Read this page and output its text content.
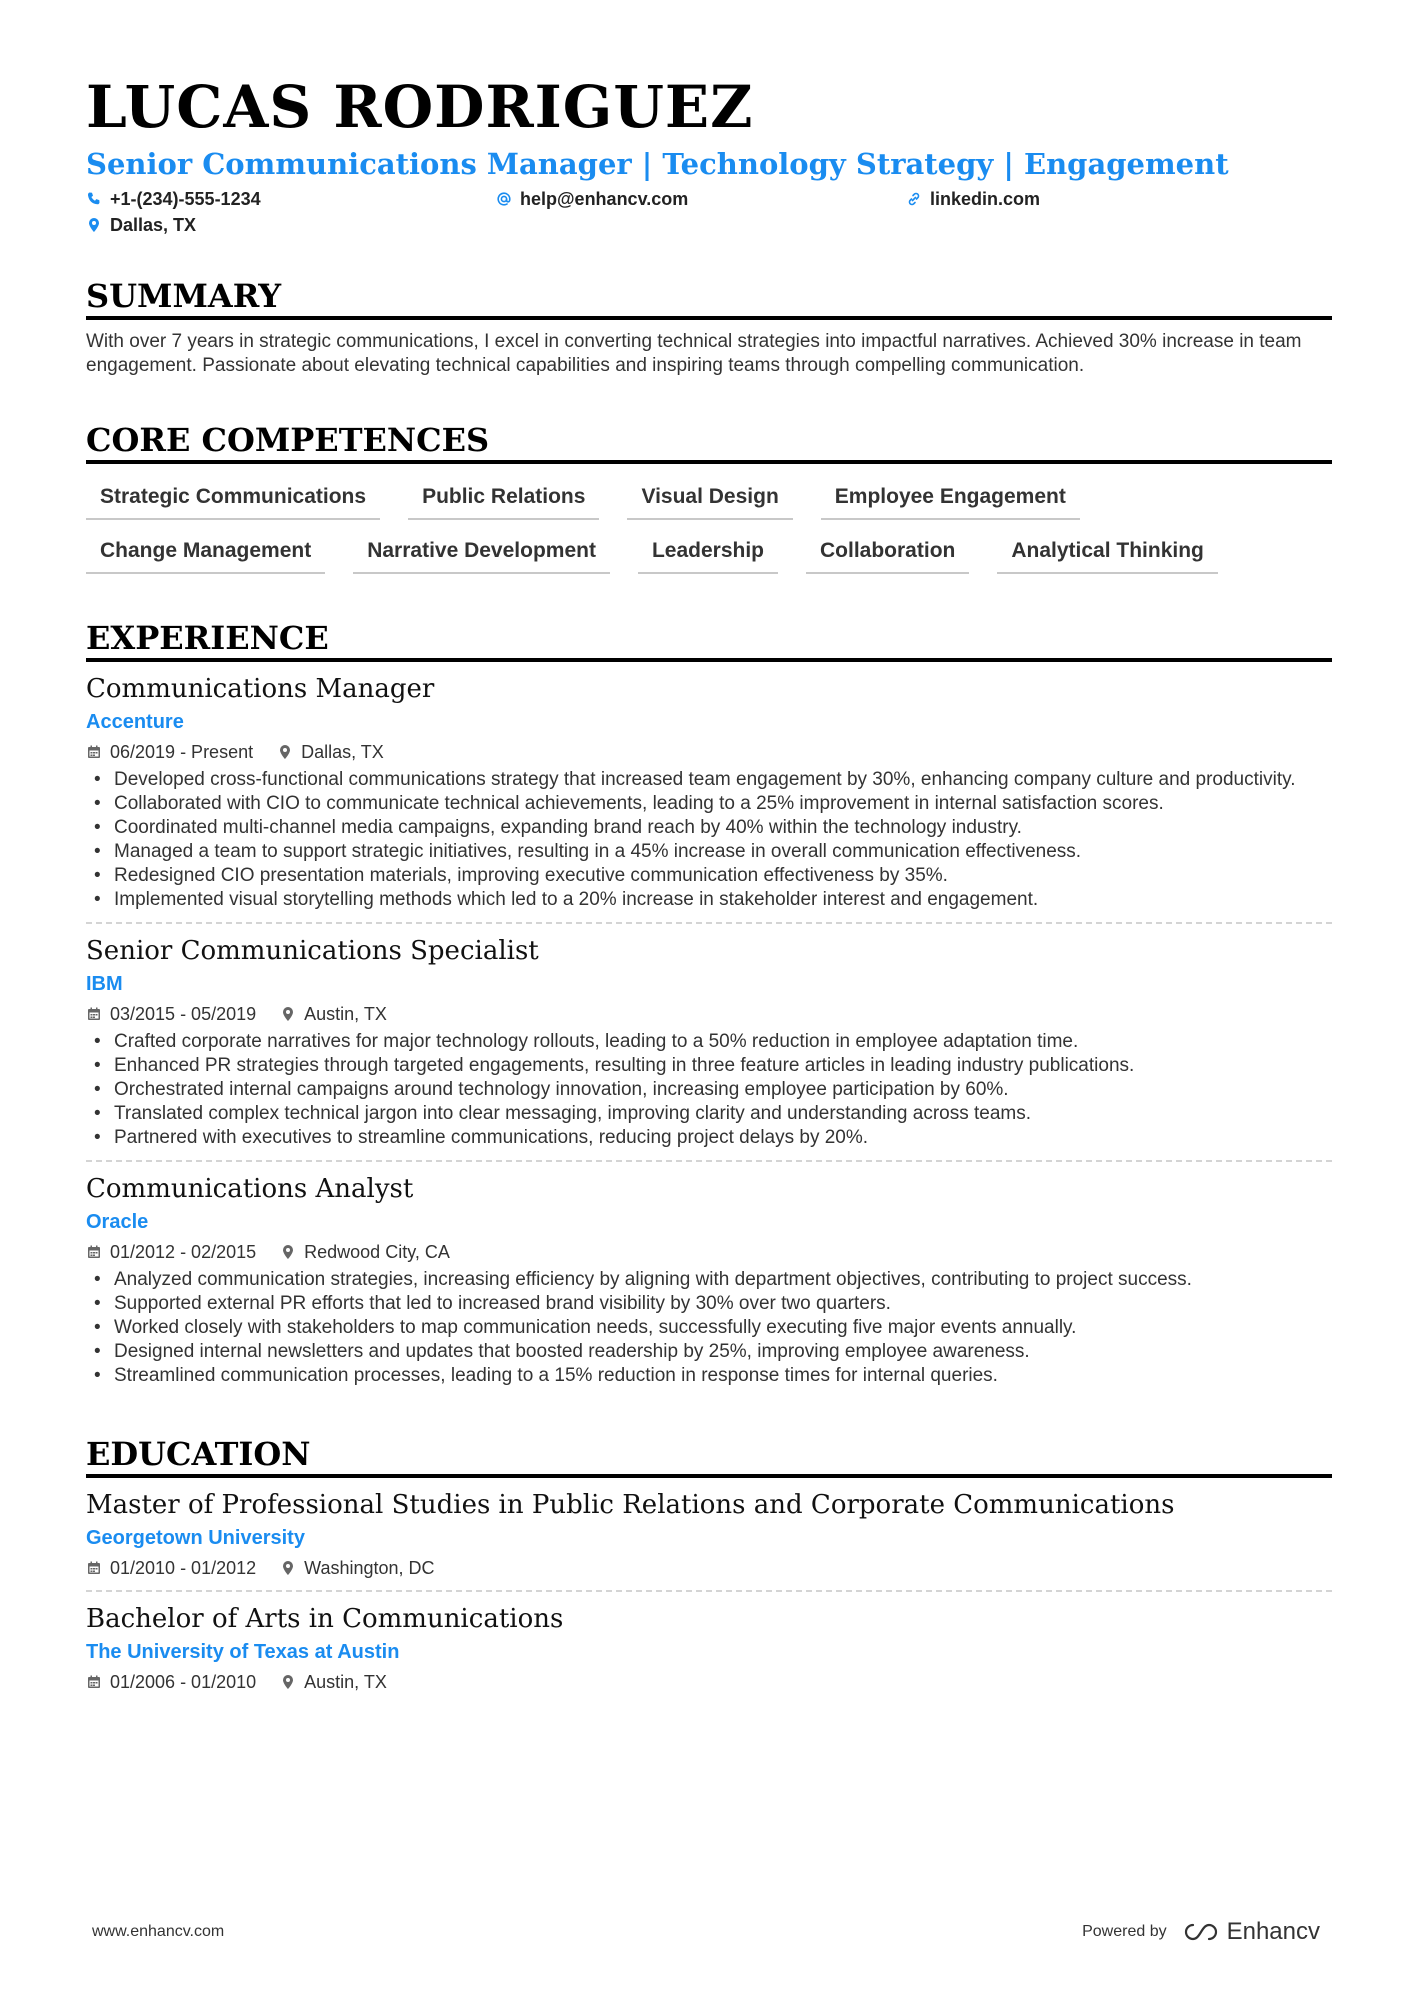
LUCAS RODRIGUEZ
Senior Communications Manager | Technology Strategy | Engagement
+1-(234)-555-1234	help@enhancv.com	linkedin.com
Dallas, TX
SUMMARY
With over 7 years in strategic communications, I excel in converting technical strategies into impactful narratives. Achieved 30% increase in team engagement. Passionate about elevating technical capabilities and inspiring teams through compelling communication.
CORE COMPETENCES
Strategic Communications	Public Relations	Visual Design	Employee Engagement
Change Management	Narrative Development	Leadership	Collaboration	Analytical Thinking
EXPERIENCE
Communications Manager
Accenture
06/2019 - Present	Dallas, TX
• Developed cross-functional communications strategy that increased team engagement by 30%, enhancing company culture and productivity.
• Collaborated with CIO to communicate technical achievements, leading to a 25% improvement in internal satisfaction scores.
• Coordinated multi-channel media campaigns, expanding brand reach by 40% within the technology industry.
• Managed a team to support strategic initiatives, resulting in a 45% increase in overall communication effectiveness.
• Redesigned CIO presentation materials, improving executive communication effectiveness by 35%.
• Implemented visual storytelling methods which led to a 20% increase in stakeholder interest and engagement.
Senior Communications Specialist
IBM
03/2015 - 05/2019	Austin, TX
• Crafted corporate narratives for major technology rollouts, leading to a 50% reduction in employee adaptation time.
• Enhanced PR strategies through targeted engagements, resulting in three feature articles in leading industry publications.
• Orchestrated internal campaigns around technology innovation, increasing employee participation by 60%.
• Translated complex technical jargon into clear messaging, improving clarity and understanding across teams.
• Partnered with executives to streamline communications, reducing project delays by 20%.
Communications Analyst
Oracle
01/2012 - 02/2015	Redwood City, CA
• Analyzed communication strategies, increasing efficiency by aligning with department objectives, contributing to project success.
• Supported external PR efforts that led to increased brand visibility by 30% over two quarters.
• Worked closely with stakeholders to map communication needs, successfully executing five major events annually.
• Designed internal newsletters and updates that boosted readership by 25%, improving employee awareness.
• Streamlined communication processes, leading to a 15% reduction in response times for internal queries.
EDUCATION
Master of Professional Studies in Public Relations and Corporate Communications
Georgetown University
01/2010 - 01/2012	Washington, DC
Bachelor of Arts in Communications
The University of Texas at Austin
01/2006 - 01/2010	Austin, TX
www.enhancv.com	Powered by	Enhancv
